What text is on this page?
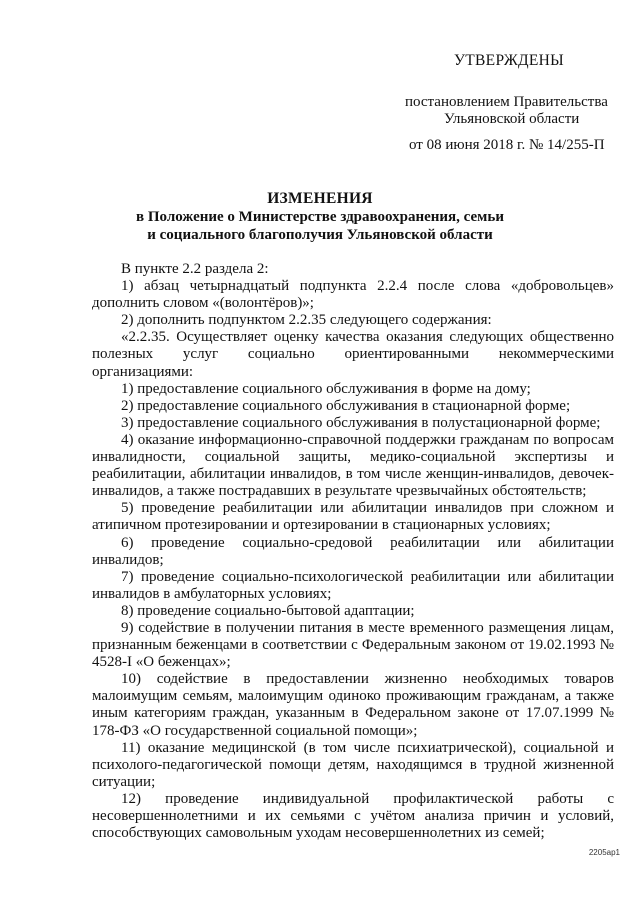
УТВЕРЖДЕНЫ
постановлением Правительства
Ульяновской области
от 08 июня 2018 г. № 14/255-П
ИЗМЕНЕНИЯ
в Положение о Министерстве здравоохранения, семьи
и социального благополучия Ульяновской области

В пункте 2.2 раздела 2:

1) абзац четырнадцатый подпункта 2.2.4 после слова «добровольцев» дополнить словом «(волонтёров)»;

2) дополнить подпунктом 2.2.35 следующего содержания:

«2.2.35. Осуществляет оценку качества оказания следующих общественно полезных услуг социально ориентированными некоммерческими организациями:

1) предоставление социального обслуживания в форме на дому;

2) предоставление социального обслуживания в стационарной форме;

3) предоставление социального обслуживания в полустационарной форме;

4) оказание информационно-справочной поддержки гражданам по вопросам инвалидности, социальной защиты, медико-социальной экспертизы и реабилитации, абилитации инвалидов, в том числе женщин-инвалидов, девочек-инвалидов, а также пострадавших в результате чрезвычайных обстоятельств;

5) проведение реабилитации или абилитации инвалидов при сложном и атипичном протезировании и ортезировании в стационарных условиях;

6) проведение социально-средовой реабилитации или абилитации инвалидов;

7) проведение социально-психологической реабилитации или абилитации инвалидов в амбулаторных условиях;

8) проведение социально-бытовой адаптации;

9) содействие в получении питания в месте временного размещения лицам, признанным беженцами в соответствии с Федеральным законом от 19.02.1993 № 4528-I «О беженцах»;

10) содействие в предоставлении жизненно необходимых товаров малоимущим семьям, малоимущим одиноко проживающим гражданам, а также иным категориям граждан, указанным в Федеральном законе от 17.07.1999 № 178-ФЗ «О государственной социальной помощи»;

11) оказание медицинской (в том числе психиатрической), социальной и психолого-педагогической помощи детям, находящимся в трудной жизненной ситуации;

12) проведение индивидуальной профилактической работы с несовершеннолетними и их семьями с учётом анализа причин и условий, способствующих самовольным уходам несовершеннолетних из семей;

2205ap1
